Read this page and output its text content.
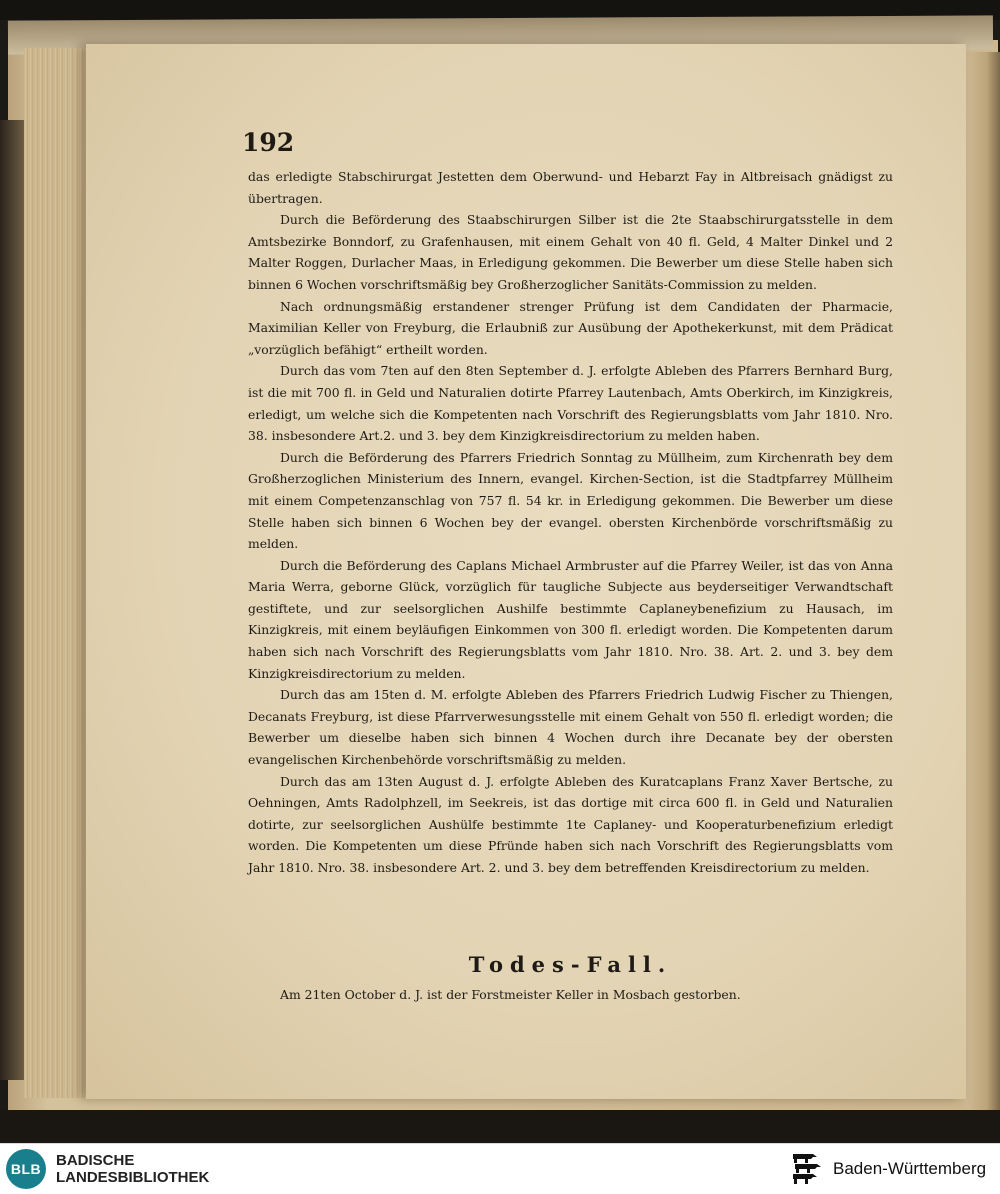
192

das erledigte Stabschirurgat Jestetten dem Oberwund- und Hebarzt Fay in Altbreisach gnädigst zu übertragen.

Durch die Beförderung des Staabschirurgen Silber ist die 2te Staabschirurgatsstelle in dem Amtsbezirke Bonndorf, zu Grafenhausen, mit einem Gehalt von 40 fl. Geld, 4 Malter Dinkel und 2 Malter Roggen, Durlacher Maas, in Erledigung gekommen. Die Bewerber um diese Stelle haben sich binnen 6 Wochen vorschriftsmäßig bey Großherzoglicher Sanitäts-Commission zu melden.

Nach ordnungsmäßig erstandener strenger Prüfung ist dem Candidaten der Pharmacie, Maximilian Keller von Freyburg, die Erlaubniß zur Ausübung der Apothekerkunst, mit dem Prädicat „vorzüglich befähigt“ ertheilt worden.

Durch das vom 7ten auf den 8ten September d. J. erfolgte Ableben des Pfarrers Bernhard Burg, ist die mit 700 fl. in Geld und Naturalien dotirte Pfarrey Lautenbach, Amts Oberkirch, im Kinzigkreis, erledigt, um welche sich die Kompetenten nach Vorschrift des Regierungsblatts vom Jahr 1810. Nro. 38. insbesondere Art.2. und 3. bey dem Kinzigkreisdirectorium zu melden haben.

Durch die Beförderung des Pfarrers Friedrich Sonntag zu Müllheim, zum Kirchenrath bey dem Großherzoglichen Ministerium des Innern, evangel. Kirchen-Section, ist die Stadtpfarrey Müllheim mit einem Competenzanschlag von 757 fl. 54 kr. in Erledigung gekommen. Die Bewerber um diese Stelle haben sich binnen 6 Wochen bey der evangel. obersten Kirchenbörde vorschriftsmäßig zu melden.

Durch die Beförderung des Caplans Michael Armbruster auf die Pfarrey Weiler, ist das von Anna Maria Werra, geborne Glück, vorzüglich für taugliche Subjecte aus beyderseitiger Verwandtschaft gestiftete, und zur seelsorglichen Aushilfe bestimmte Caplaneybenefizium zu Hausach, im Kinzigkreis, mit einem beyläufigen Einkommen von 300 fl. erledigt worden. Die Kompetenten darum haben sich nach Vorschrift des Regierungsblatts vom Jahr 1810. Nro. 38. Art. 2. und 3. bey dem Kinzigkreisdirectorium zu melden.

Durch das am 15ten d. M. erfolgte Ableben des Pfarrers Friedrich Ludwig Fischer zu Thiengen, Decanats Freyburg, ist diese Pfarrverwesungsstelle mit einem Gehalt von 550 fl. erledigt worden; die Bewerber um dieselbe haben sich binnen 4 Wochen durch ihre Decanate bey der obersten evangelischen Kirchenbehörde vorschriftsmäßig zu melden.

Durch das am 13ten August d. J. erfolgte Ableben des Kuratcaplans Franz Xaver Bertsche, zu Oehningen, Amts Radolphzell, im Seekreis, ist das dortige mit circa 600 fl. in Geld und Naturalien dotirte, zur seelsorglichen Aushülfe bestimmte 1te Caplaney- und Kooperaturbenefizium erledigt worden. Die Kompetenten um diese Pfründe haben sich nach Vorschrift des Regierungsblatts vom Jahr 1810. Nro. 38. insbesondere Art. 2. und 3. bey dem betreffenden Kreisdirectorium zu melden.

Todes-Fall.

Am 21ten October d. J. ist der Forstmeister Keller in Mosbach gestorben.

BLB BADISCHE
LANDESBIBLIOTHEK	Baden-Württemberg
